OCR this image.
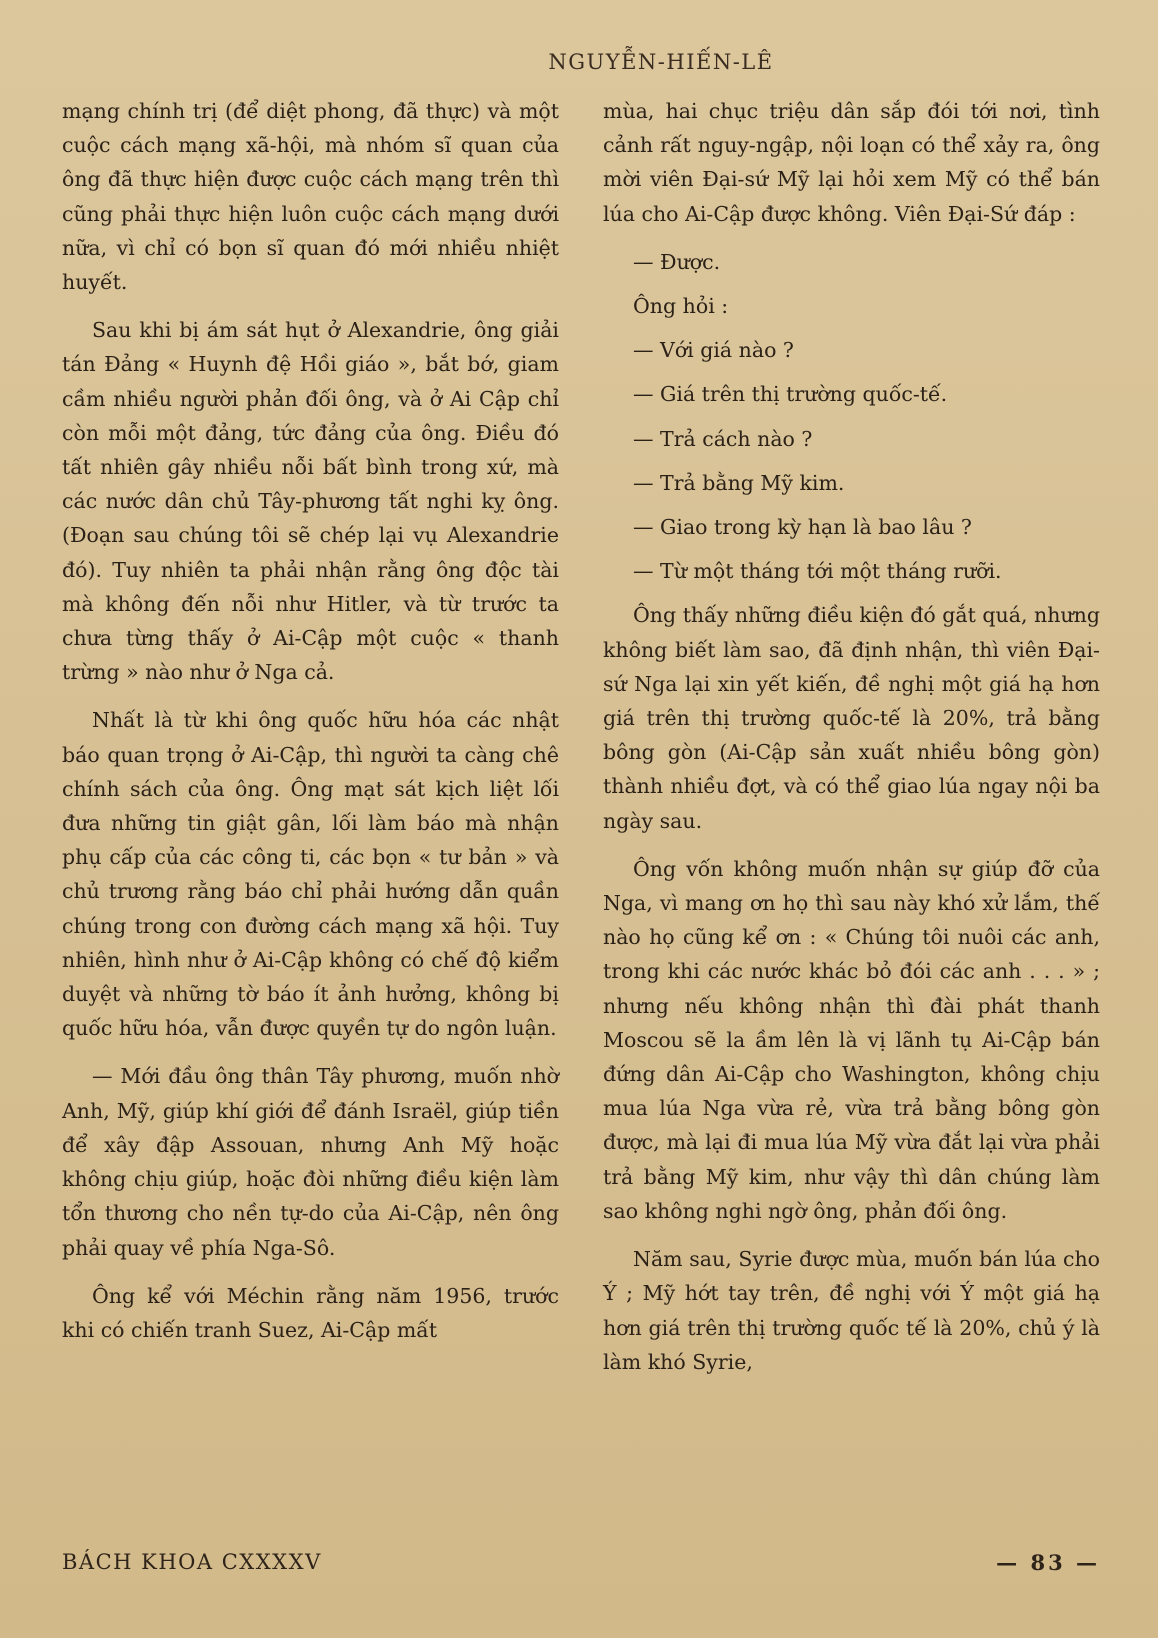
NGUYỄN-HIẾN-LÊ

mạng chính trị (để diệt phong, đã thực) và một cuộc cách mạng xã-hội, mà nhóm sĩ quan của ông đã thực hiện được cuộc cách mạng trên thì cũng phải thực hiện luôn cuộc cách mạng dưới nữa, vì chỉ có bọn sĩ quan đó mới nhiều nhiệt huyết.

Sau khi bị ám sát hụt ở Alexandrie, ông giải tán Đảng « Huynh đệ Hồi giáo », bắt bớ, giam cầm nhiều người phản đối ông, và ở Ai Cập chỉ còn mỗi một đảng, tức đảng của ông. Điều đó tất nhiên gây nhiều nỗi bất bình trong xứ, mà các nước dân chủ Tây-phương tất nghi kỵ ông. (Đoạn sau chúng tôi sẽ chép lại vụ Alexandrie đó). Tuy nhiên ta phải nhận rằng ông độc tài mà không đến nỗi như Hitler, và từ trước ta chưa từng thấy ở Ai-Cập một cuộc « thanh trừng » nào như ở Nga cả.

Nhất là từ khi ông quốc hữu hóa các nhật báo quan trọng ở Ai-Cập, thì người ta càng chê chính sách của ông. Ông mạt sát kịch liệt lối đưa những tin giật gân, lối làm báo mà nhận phụ cấp của các công ti, các bọn « tư bản » và chủ trương rằng báo chỉ phải hướng dẫn quần chúng trong con đường cách mạng xã hội. Tuy nhiên, hình như ở Ai-Cập không có chế độ kiểm duyệt và những tờ báo ít ảnh hưởng, không bị quốc hữu hóa, vẫn được quyền tự do ngôn luận.

— Mới đầu ông thân Tây phương, muốn nhờ Anh, Mỹ, giúp khí giới để đánh Israël, giúp tiền để xây đập Assouan, nhưng Anh Mỹ hoặc không chịu giúp, hoặc đòi những điều kiện làm tổn thương cho nền tự-do của Ai-Cập, nên ông phải quay về phía Nga-Sô.

Ông kể với Méchin rằng năm 1956, trước khi có chiến tranh Suez, Ai-Cập mất

mùa, hai chục triệu dân sắp đói tới nơi, tình cảnh rất nguy-ngập, nội loạn có thể xảy ra, ông mời viên Đại-sứ Mỹ lại hỏi xem Mỹ có thể bán lúa cho Ai-Cập được không. Viên Đại-Sứ đáp :

— Được.

Ông hỏi :

— Với giá nào ?

— Giá trên thị trường quốc-tế.

— Trả cách nào ?

— Trả bằng Mỹ kim.

— Giao trong kỳ hạn là bao lâu ?

— Từ một tháng tới một tháng rưỡi.

Ông thấy những điều kiện đó gắt quá, nhưng không biết làm sao, đã định nhận, thì viên Đại-sứ Nga lại xin yết kiến, đề nghị một giá hạ hơn giá trên thị trường quốc-tế là 20%, trả bằng bông gòn (Ai-Cập sản xuất nhiều bông gòn) thành nhiều đợt, và có thể giao lúa ngay nội ba ngày sau.

Ông vốn không muốn nhận sự giúp đỡ của Nga, vì mang ơn họ thì sau này khó xử lắm, thế nào họ cũng kể ơn : « Chúng tôi nuôi các anh, trong khi các nước khác bỏ đói các anh . . . » ; nhưng nếu không nhận thì đài phát thanh Moscou sẽ la ầm lên là vị lãnh tụ Ai-Cập bán đứng dân Ai-Cập cho Washington, không chịu mua lúa Nga vừa rẻ, vừa trả bằng bông gòn được, mà lại đi mua lúa Mỹ vừa đắt lại vừa phải trả bằng Mỹ kim, như vậy thì dân chúng làm sao không nghi ngờ ông, phản đối ông.

Năm sau, Syrie được mùa, muốn bán lúa cho Ý ; Mỹ hớt tay trên, đề nghị với Ý một giá hạ hơn giá trên thị trường quốc tế là 20%, chủ ý là làm khó Syrie,

BÁCH KHOA CXXXXV	— 83 —
